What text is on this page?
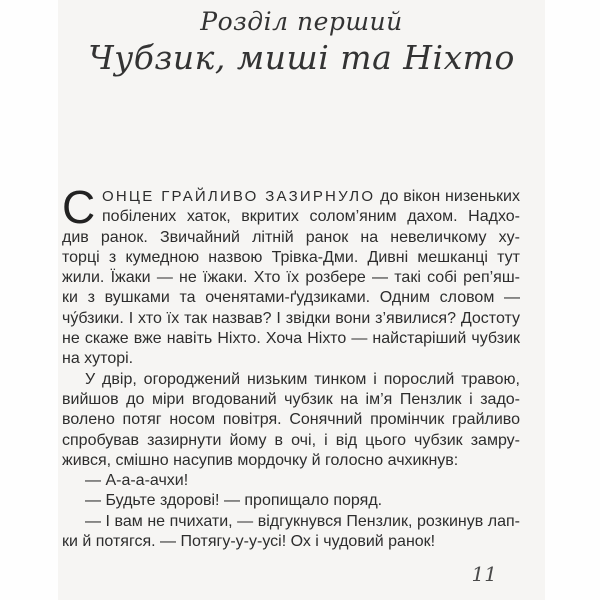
Розділ перший
Чубзик, миші та Ніхто
С ОНЦЕ ГРАЙЛИВО ЗАЗИРНУЛО до вікон низеньких
побілених хаток, вкритих солом’яним дахом. Надхо-
див ранок. Звичайний літній ранок на невеличкому ху-
торці з кумедною назвою Трівка-Дми. Дивні мешканці тут
жили. Їжаки — не їжаки. Хто їх розбере — такі собі реп’яш-
ки з вушками та оченятами-ґудзиками. Одним словом —
чу́бзики. І хто їх так назвав? І звідки вони з’явилися? Достоту
не скаже вже навіть Ніхто. Хоча Ніхто — найстаріший чубзик
на хуторі.
У двір, огороджений низьким тинком і порослий травою,
вийшов до міри вгодований чубзик на ім’я Пензлик і задо-
волено потяг носом повітря. Сонячний промінчик грайливо
спробував зазирнути йому в очі, і від цього чубзик замру-
жився, смішно насупив мордочку й голосно ачхикнув:
— А-а-а-ачхи!
— Будьте здорові! — пропищало поряд.
— І вам не пчихати, — відгукнувся Пензлик, розкинув лап-
ки й потягся. — Потягу-у-у-усі! Ох і чудовий ранок!
11
